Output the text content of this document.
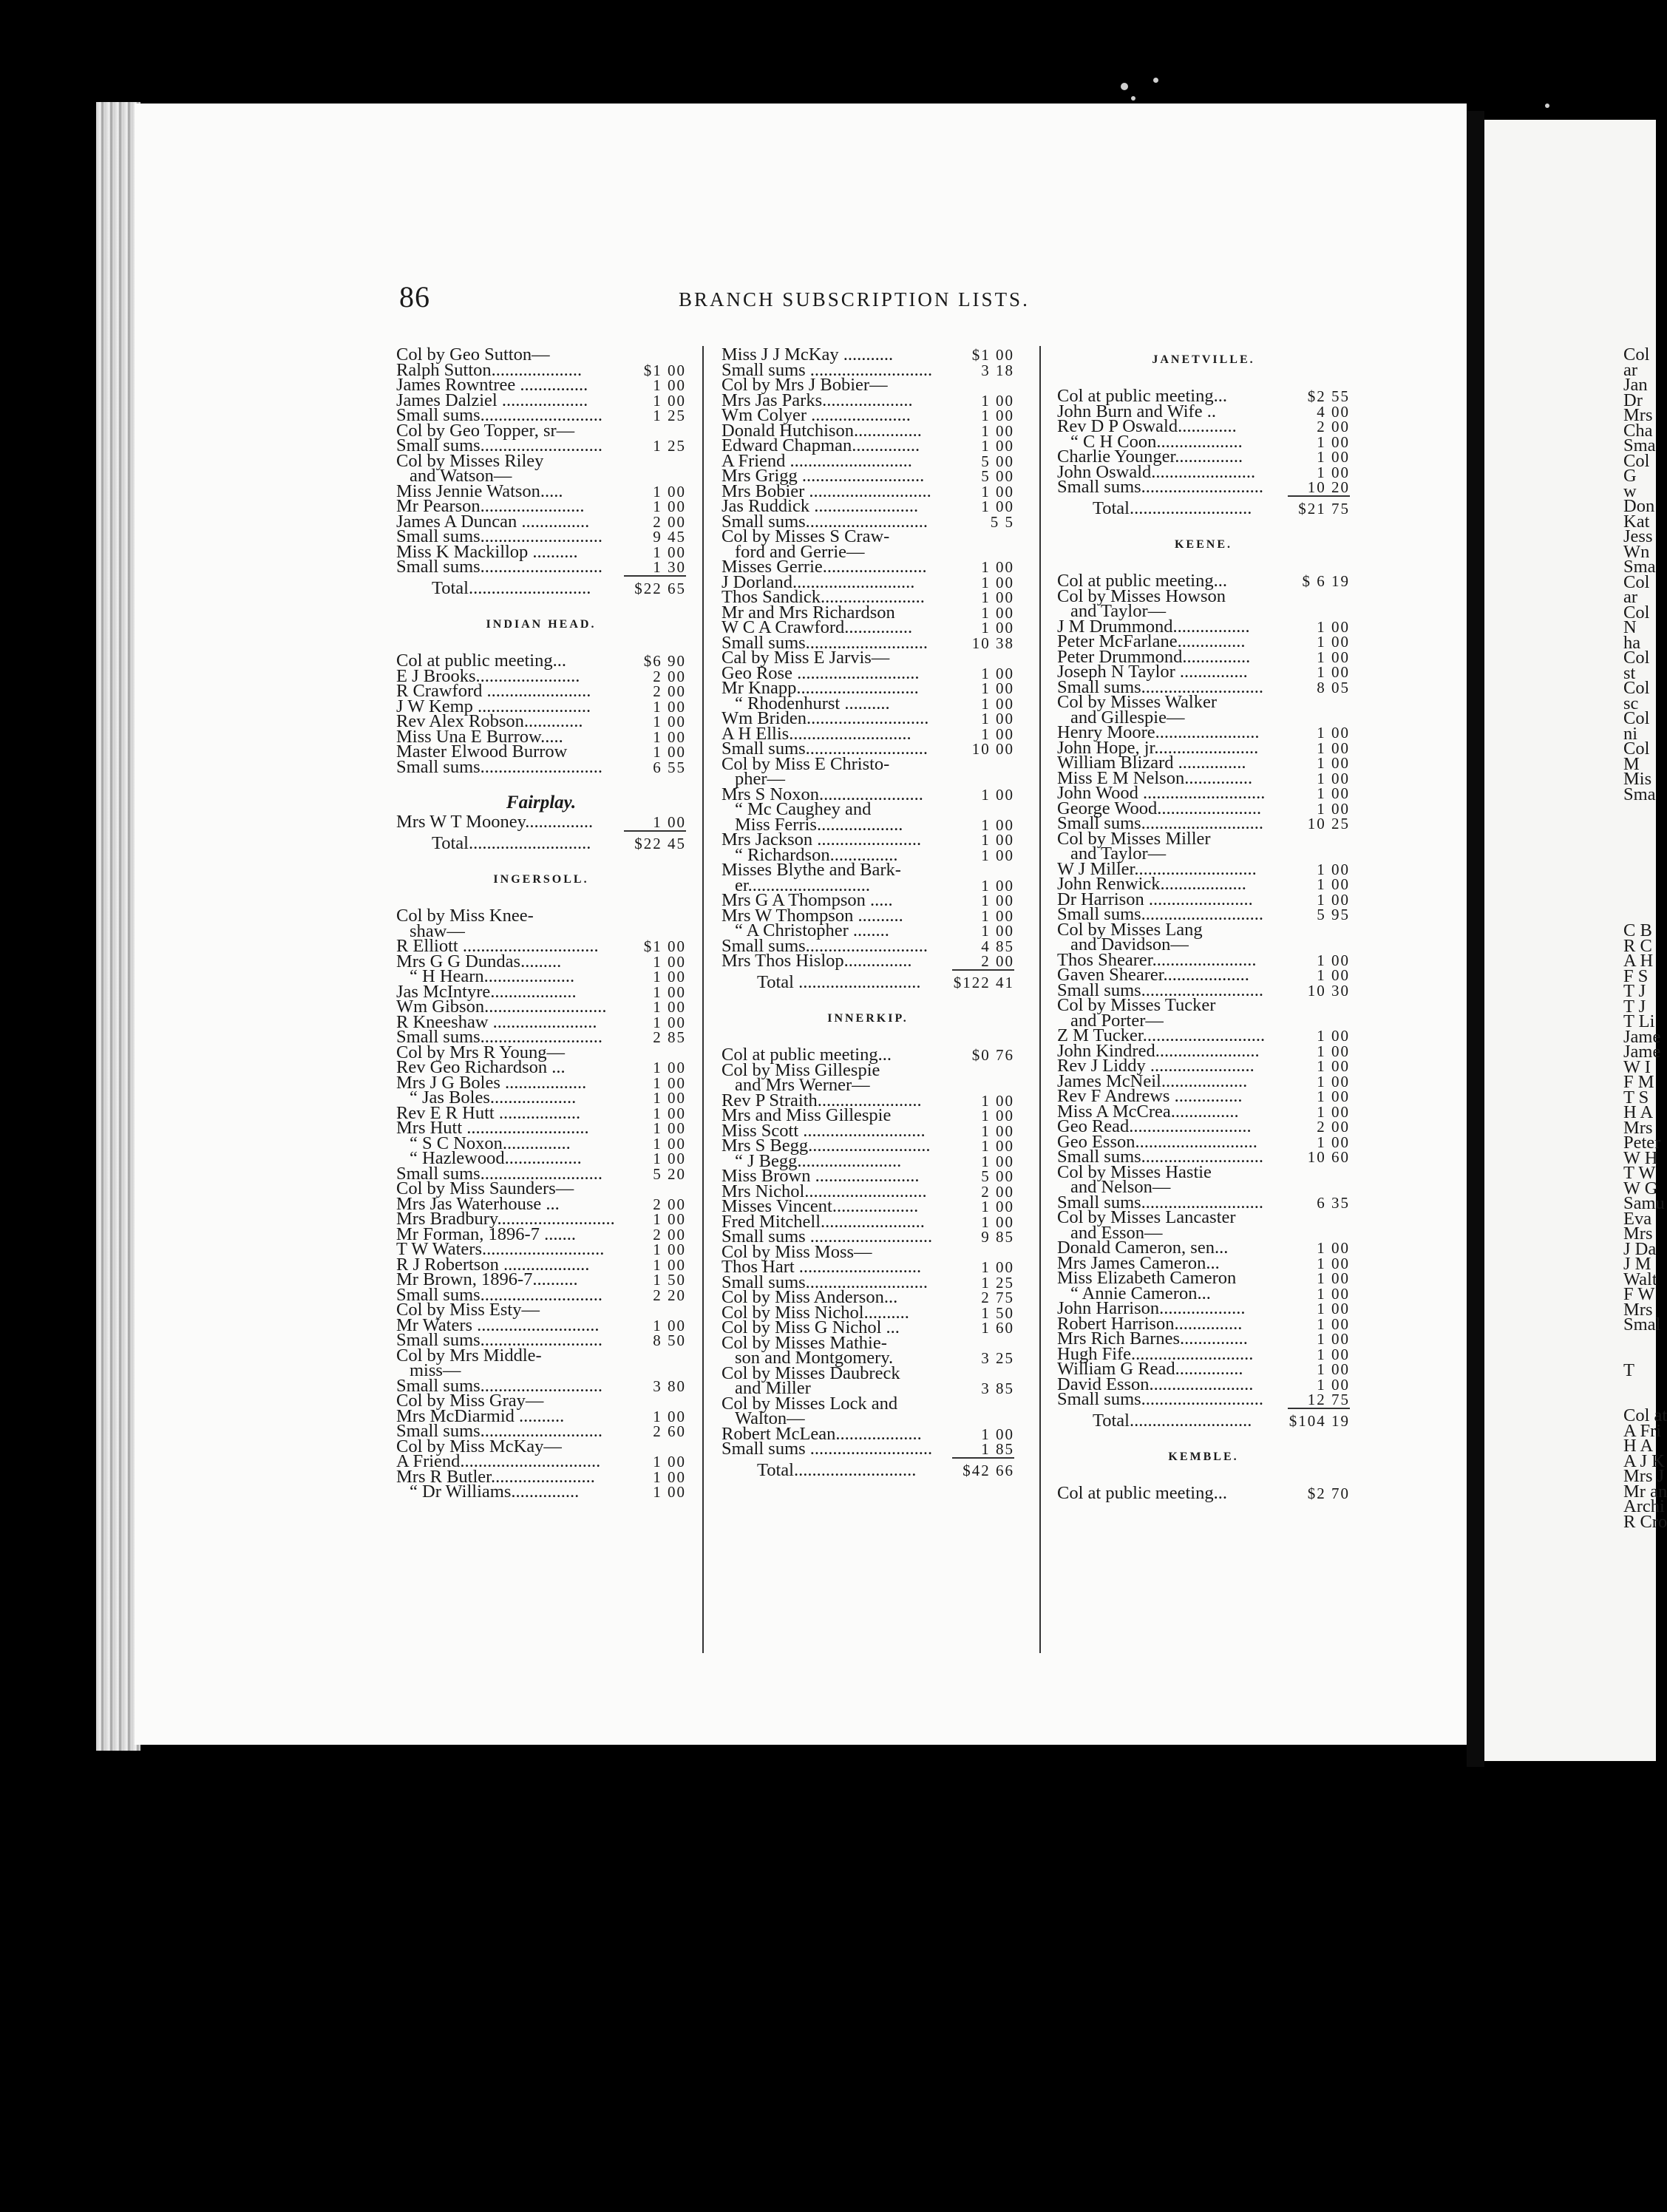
86	BRANCH SUBSCRIPTION LISTS.
Col by Geo Sutton—
Ralph Sutton....................	$1 00
James Rowntree ...............	1 00
James Dalziel ...................	1 00
Small sums...........................	1 25
Col by Geo Topper, sr—
Small sums...........................	1 25
Col by Misses Riley
and Watson—
Miss Jennie Watson.....	1 00
Mr Pearson.......................	1 00
James A Duncan ...............	2 00
Small sums...........................	9 45
Miss K Mackillop ..........	1 00
Small sums...........................	1 30
Total...........................	$22 65
INDIAN HEAD.
Col at public meeting...	$6 90
E J Brooks.......................	2 00
R Crawford .......................	2 00
J W Kemp .........................	1 00
Rev Alex Robson.............	1 00
Miss Una E Burrow.....	1 00
Master Elwood Burrow	1 00
Small sums...........................	6 55
Fairplay.
Mrs W T Mooney...............	1 00
Total...........................	$22 45
INGERSOLL.
Col by Miss Knee-
shaw—
R Elliott ..............................	$1 00
Mrs G G Dundas.........	1 00
“ H Hearn....................	1 00
Jas McIntyre...................	1 00
Wm Gibson...........................	1 00
R Kneeshaw .......................	1 00
Small sums...........................	2 85
Col by Mrs R Young—
Rev Geo Richardson ...	1 00
Mrs J G Boles ..................	1 00
“ Jas Boles...................	1 00
Rev E R Hutt ..................	1 00
Mrs Hutt ...........................	1 00
“ S C Noxon...............	1 00
“ Hazlewood.................	1 00
Small sums...........................	5 20
Col by Miss Saunders—
Mrs Jas Waterhouse ...	2 00
Mrs Bradbury..........................	1 00
Mr Forman, 1896-7 .......	2 00
T W Waters...........................	1 00
R J Robertson ...................	1 00
Mr Brown, 1896-7..........	1 50
Small sums...........................	2 20
Col by Miss Esty—
Mr Waters ...........................	1 00
Small sums...........................	8 50
Col by Mrs Middle-
miss—
Small sums...........................	3 80
Col by Miss Gray—
Mrs McDiarmid ..........	1 00
Small sums...........................	2 60
Col by Miss McKay—
A Friend...............................	1 00
Mrs R Butler.......................	1 00
“ Dr Williams...............	1 00
Miss J J McKay ...........	$1 00
Small sums ...........................	3 18
Col by Mrs J Bobier—
Mrs Jas Parks....................	1 00
Wm Colyer ......................	1 00
Donald Hutchison...............	1 00
Edward Chapman...............	1 00
A Friend ...........................	5 00
Mrs Grigg ...........................	5 00
Mrs Bobier ...........................	1 00
Jas Ruddick .......................	1 00
Small sums...........................	5 5
Col by Misses S Craw-
ford and Gerrie—
Misses Gerrie.......................	1 00
J Dorland...........................	1 00
Thos Sandick.......................	1 00
Mr and Mrs Richardson	1 00
W C A Crawford...............	1 00
Small sums...........................	10 38
Cal by Miss E Jarvis—
Geo Rose ...........................	1 00
Mr Knapp...........................	1 00
“ Rhodenhurst ..........	1 00
Wm Briden...........................	1 00
A H Ellis...........................	1 00
Small sums...........................	10 00
Col by Miss E Christo-
pher—
Mrs S Noxon.......................	1 00
“ Mc Caughey and
Miss Ferris...................	1 00
Mrs Jackson .......................	1 00
“ Richardson...............	1 00
Misses Blythe and Bark-
er...........................	1 00
Mrs G A Thompson .....	1 00
Mrs W Thompson ..........	1 00
“ A Christopher ........	1 00
Small sums...........................	4 85
Mrs Thos Hislop...............	2 00
Total ........................... $122 41
INNERKIP.
Col at public meeting...	$0 76
Col by Miss Gillespie
and Mrs Werner—
Rev P Straith.......................	1 00
Mrs and Miss Gillespie	1 00
Miss Scott ...........................	1 00
Mrs S Begg...........................	1 00
“ J Begg.......................	1 00
Miss Brown .......................	5 00
Mrs Nichol...........................	2 00
Misses Vincent...................	1 00
Fred Mitchell.......................	1 00
Small sums ...........................	9 85
Col by Miss Moss—
Thos Hart ...........................	1 00
Small sums...........................	1 25
Col by Miss Anderson...	2 75
Col by Miss Nichol..........	1 50
Col by Miss G Nichol ...	1 60
Col by Misses Mathie-
son and Montgomery.	3 25
Col by Misses Daubreck
and Miller	3 85
Col by Misses Lock and
Walton—
Robert McLean...................	1 00
Small sums ...........................	1 85
Total...........................	$42 66
JANETVILLE.
Col at public meeting...	$2 55
John Burn and Wife ..	4 00
Rev D P Oswald.............	2 00
“ C H Coon...................	1 00
Charlie Younger...............	1 00
John Oswald.......................	1 00
Small sums...........................	10 20
Total...........................	$21 75
KEENE.
Col at public meeting...	$ 6 19
Col by Misses Howson
and Taylor—
J M Drummond.................	1 00
Peter McFarlane...............	1 00
Peter Drummond...............	1 00
Joseph N Taylor ...............	1 00
Small sums...........................	8 05
Col by Misses Walker
and Gillespie—
Henry Moore.......................	1 00
John Hope, jr.......................	1 00
William Blizard ...............	1 00
Miss E M Nelson...............	1 00
John Wood ...........................	1 00
George Wood.......................	1 00
Small sums...........................	10 25
Col by Misses Miller
and Taylor—
W J Miller...........................	1 00
John Renwick...................	1 00
Dr Harrison .......................	1 00
Small sums...........................	5 95
Col by Misses Lang
and Davidson—
Thos Shearer.......................	1 00
Gaven Shearer...................	1 00
Small sums...........................	10 30
Col by Misses Tucker
and Porter—
Z M Tucker...........................	1 00
John Kindred.......................	1 00
Rev J Liddy .......................	1 00
James McNeil...................	1 00
Rev F Andrews ...............	1 00
Miss A McCrea...............	1 00
Geo Read...........................	2 00
Geo Esson...........................	1 00
Small sums...........................	10 60
Col by Misses Hastie
and Nelson—
Small sums...........................	6 35
Col by Misses Lancaster
and Esson—
Donald Cameron, sen...	1 00
Mrs James Cameron...	1 00
Miss Elizabeth Cameron	1 00
“ Annie Cameron...	1 00
John Harrison...................	1 00
Robert Harrison...............	1 00
Mrs Rich Barnes...............	1 00
Hugh Fife...........................	1 00
William G Read...............	1 00
David Esson.......................	1 00
Small sums...........................	12 75
Total........................... $104 19
KEMBLE.
Col at public meeting...	$2 70
Col
ar
Jan
Dr
Mrs
Cha
Sma
Col
G
w
Don
Kat
Jess
Wn
Sma
Col
ar
Col
N
ha
Col
st
Col
sc
Col
ni
Col
M
Mis
Sma
C B
R C
A H
F S
T J
T J
T Li
Jame
Jame
W I
F M
T S
H A
Mrs
Peter
W H
T W
W G
Samu
Eva
Mrs
J Da
J M
Walt
F W
Mrs
Smal
T
Col at
A Fri
H A
A J K
Mrs J
Mr an
Archi
R Cro
